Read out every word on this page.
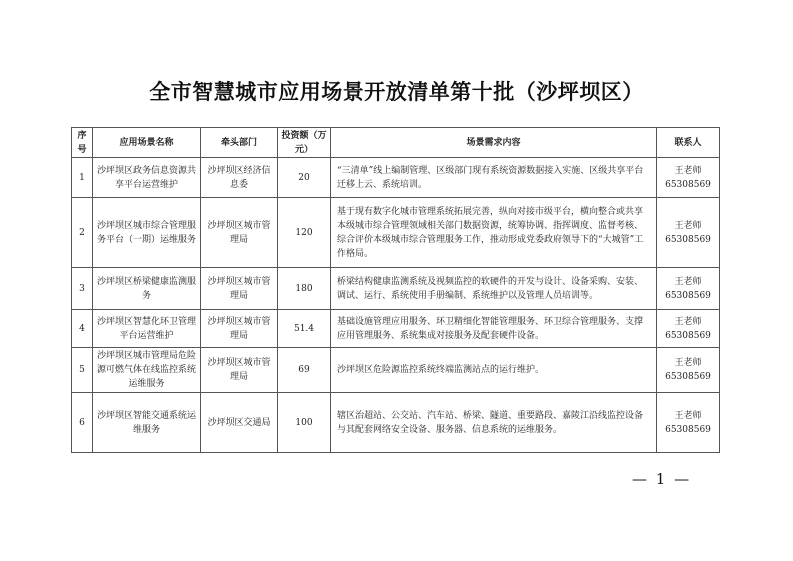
全市智慧城市应用场景开放清单第十批（沙坪坝区）
序号	应用场景名称	牵头部门	投资额（万元）	场景需求内容	联系人
1	沙坪坝区政务信息资源共享平台运营维护	沙坪坝区经济信息委	20	“三清单”线上编制管理、区级部门现有系统资源数据接入实施、区级共享平台迁移上云、系统培训。	王老师
65308569

2	沙坪坝区城市综合管理服务平台（一期）运维服务	沙坪坝区城市管理局	120	基于现有数字化城市管理系统拓展完善，纵向对接市级平台，横向整合或共享本级城市综合管理领域相关部门数据资源，统筹协调、指挥调度、监督考核、综合评价本级城市综合管理服务工作，推动形成党委政府领导下的“大城管”工作格局。	王老师
65308569

3	沙坪坝区桥梁健康监测服务	沙坪坝区城市管理局	180	桥梁结构健康监测系统及视频监控的软硬件的开发与设计、设备采购、安装、调试、运行、系统使用手册编制、系统维护以及管理人员培训等。	王老师
65308569

4	沙坪坝区智慧化环卫管理平台运营维护	沙坪坝区城市管理局	51.4	基础设施管理应用服务、环卫精细化智能管理服务、环卫综合管理服务、支撑应用管理服务、系统集成对接服务及配套硬件设备。	王老师
65308569

5	沙坪坝区城市管理局危险源可燃气体在线监控系统运维服务	沙坪坝区城市管理局	69	沙坪坝区危险源监控系统终端监测站点的运行维护。	王老师
65308569

6	沙坪坝区智能交通系统运维服务	沙坪坝区交通局	100	辖区治超站、公交站、汽车站、桥梁、隧道、重要路段、嘉陵江沿线监控设备与其配套网络安全设备、服务器、信息系统的运维服务。	王老师
65308569
— 1 —
